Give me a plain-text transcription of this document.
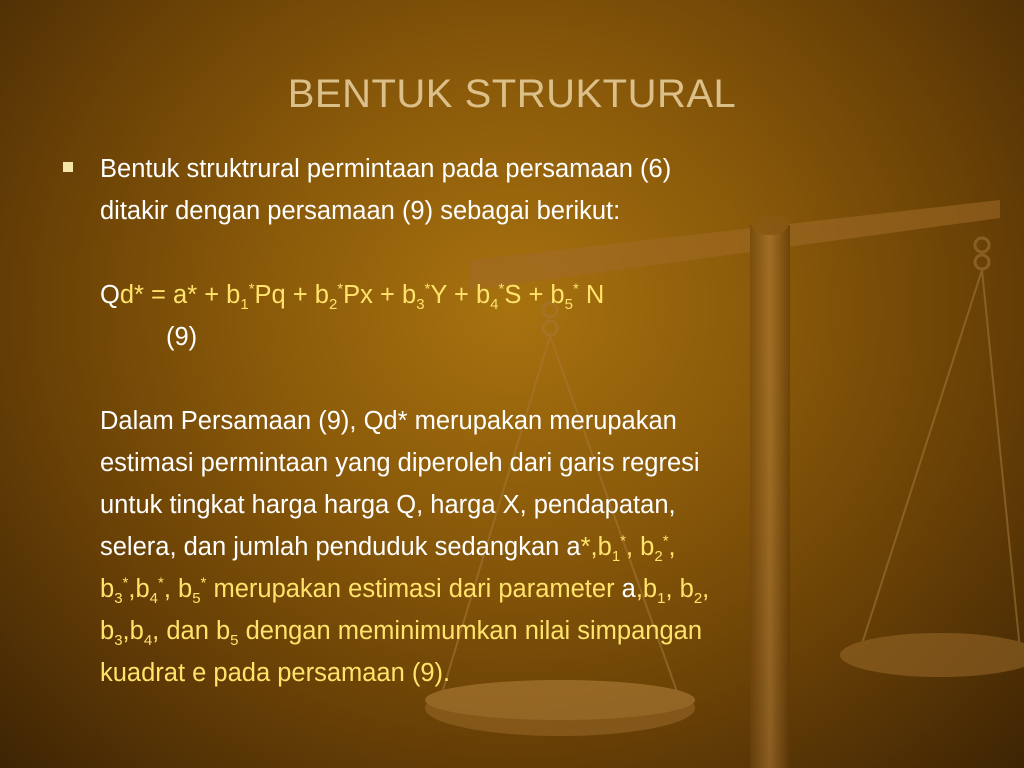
BENTUK STRUKTURAL
Bentuk struktrural permintaan pada persamaan (6)
ditakir dengan persamaan (9) sebagai berikut:
$Qd* = a* + b_1^*Pq + b_2^*Px + b_3^*Y + b_4^*S + b_5^*$ N
(9)
Dalam Persamaan (9), Qd* merupakan merupakan
estimasi permintaan yang diperoleh dari garis regresi
untuk tingkat harga harga Q, harga X, pendapatan,
selera, dan jumlah penduduk sedangkan $a*,b_1^*$, $b_2^*$,
$b_3^*,b_4^*$, $b_5^*$ merupakan estimasi dari parameter $a,b_1$, $b_2$,
$b_3,b_4$, dan $b_5$ dengan meminimumkan nilai simpangan
kuadrat e pada persamaan (9).
